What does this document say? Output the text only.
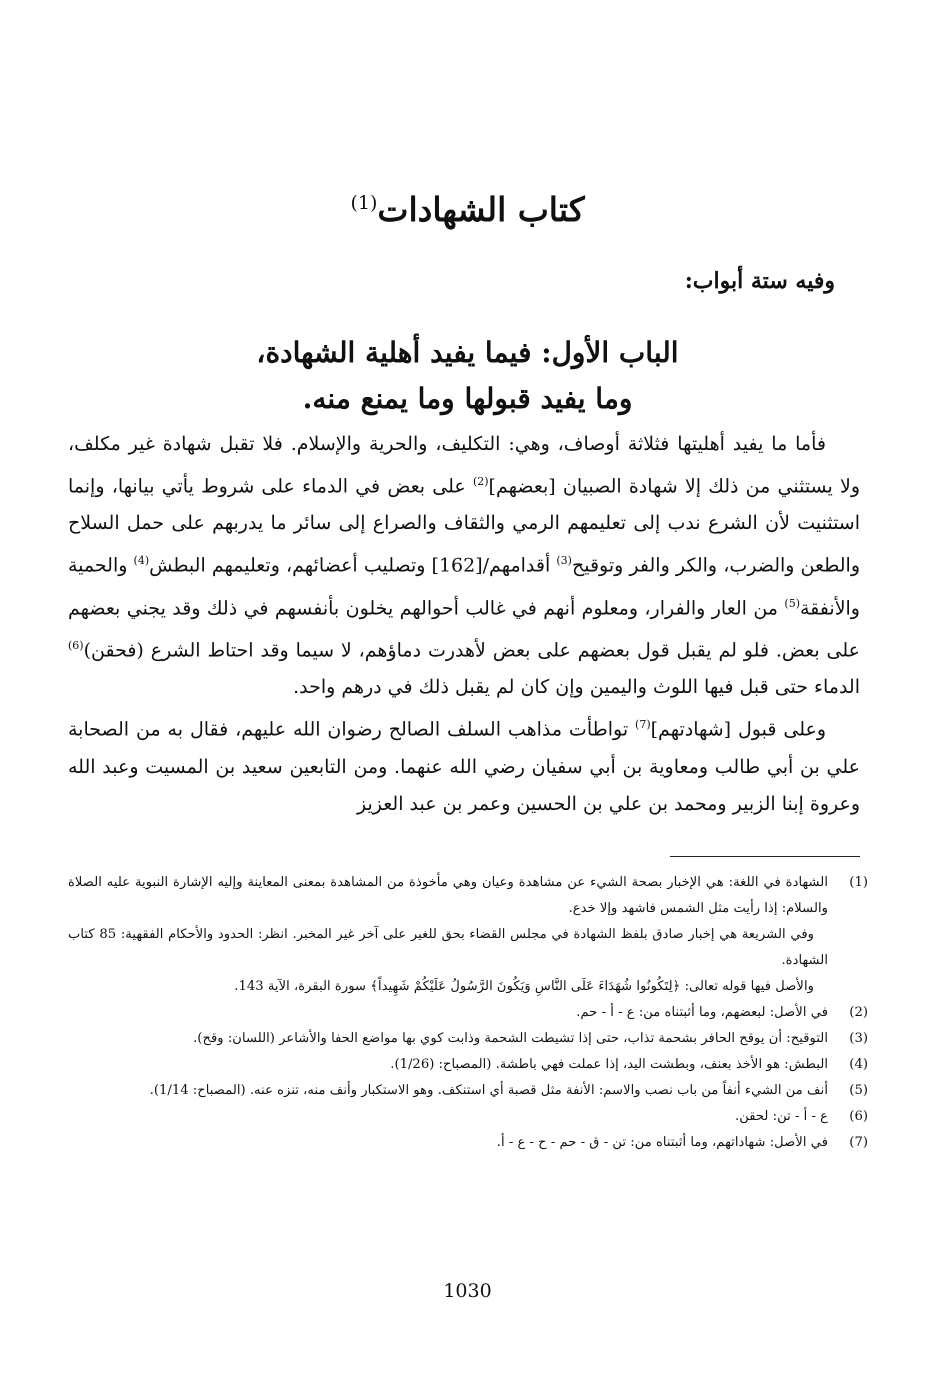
كتاب الشهادات$^{(1)}$
وفيه ستة أبواب:
الباب الأول: فيما يفيد أهلية الشهادة،
وما يفيد قبولها وما يمنع منه.

فأما ما يفيد أهليتها فثلاثة أوصاف، وهي: التكليف، والحرية والإسلام. فلا تقبل شهادة غير مكلف، ولا يستثني من ذلك إلا شهادة الصبيان [بعضهم]$^{(2)}$ على بعض في الدماء على شروط يأتي بيانها، وإنما استثنيت لأن الشرع ندب إلى تعليمهم الرمي والثقاف والصراع إلى سائر ما يدربهم على حمل السلاح والطعن والضرب، والكر والفر وتوقيح$^{(3)}$ أقدامهم/[162] وتصليب أعضائهم، وتعليمهم البطش$^{(4)}$ والحمية والأنفقة$^{(5)}$ من العار والفرار، ومعلوم أنهم في غالب أحوالهم يخلون بأنفسهم في ذلك وقد يجني بعضهم على بعض. فلو لم يقبل قول بعضهم على بعض لأهدرت دماؤهم، لا سيما وقد احتاط الشرع (فحقن)$^{(6)}$ الدماء حتى قبل فيها اللوث واليمين وإن كان لم يقبل ذلك في درهم واحد.

وعلى قبول [شهادتهم]$^{(7)}$ تواطأت مذاهب السلف الصالح رضوان الله عليهم، فقال به من الصحابة علي بن أبي طالب ومعاوية بن أبي سفيان رضي الله عنهما. ومن التابعين سعيد بن المسيت وعبد الله وعروة إبنا الزبير ومحمد بن علي بن الحسين وعمر بن عبد العزيز

(1)

الشهادة في اللغة: هي الإخبار بصحة الشيء عن مشاهدة وعيان وهي مأخوذة من المشاهدة بمعنى المعاينة وإليه الإشارة النبوية عليه الصلاة والسلام: إذا رأيت مثل الشمس فاشهد وإلا خدع.

وفي الشريعة هي إخبار صادق بلفظ الشهادة في مجلس القضاء بحق للغير على آخر غير المخبر. انظر: الحدود والأحكام الفقهية: 85 كتاب الشهادة.

والأصل فيها قوله تعالى: ﴿لِتَكُونُوا شُهَدَاءَ عَلَى النَّاسِ وَيَكُونَ الرَّسُولُ عَلَيْكُمْ شَهِيداً﴾ سورة البقرة، الآية 143.

(2)

في الأصل: لبعضهم، وما أثبتناه من: ع - أ - حم.

(3)

التوقيح: أن يوقح الحافر بشحمة تذاب، حتى إذا تشيطت الشحمة وذابت كوي بها مواضع الحفا والأشاعر (اللسان: وقح).

(4)

البطش: هو الأخذ بعنف، وبطشت اليد، إذا عملت فهي باطشة. (المصباح: (1/26).

(5)

أنف من الشيء أنفاً من باب نصب والاسم: الأنفة مثل قصبة أي استنكف. وهو الاستكبار وأنف منه، تنزه عنه. (المصباح: 1/14).

(6)

ع - أ - تن: لحقن.

(7)

في الأصل: شهاداتهم، وما أثبتناه من: تن - ق - حم - ح - ع - أ.

1030
